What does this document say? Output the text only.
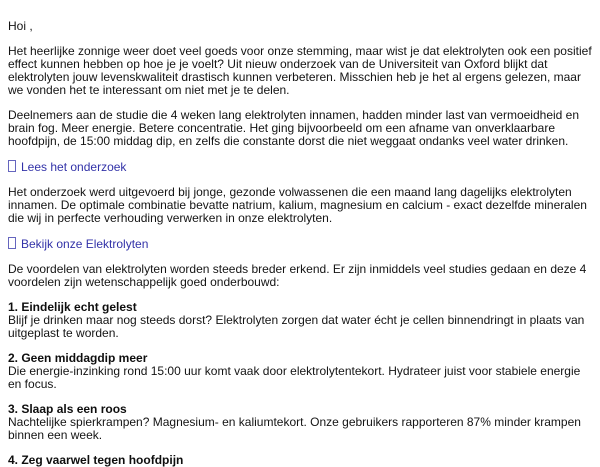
Hoi ,

Het heerlijke zonnige weer doet veel goeds voor onze stemming, maar wist je dat elektrolyten ook een positief effect kunnen hebben op hoe je je voelt? Uit nieuw onderzoek van de Universiteit van Oxford blijkt dat elektrolyten jouw levenskwaliteit drastisch kunnen verbeteren. Misschien heb je het al ergens gelezen, maar we vonden het te interessant om niet met je te delen.

Deelnemers aan de studie die 4 weken lang elektrolyten innamen, hadden minder last van vermoeidheid en brain fog. Meer energie. Betere concentratie. Het ging bijvoorbeeld om een afname van onverklaarbare hoofdpijn, de 15:00 middag dip, en zelfs die constante dorst die niet weggaat ondanks veel water drinken.

Lees het onderzoek

Het onderzoek werd uitgevoerd bij jonge, gezonde volwassenen die een maand lang dagelijks elektrolyten innamen. De optimale combinatie bevatte natrium, kalium, magnesium en calcium - exact dezelfde mineralen die wij in perfecte verhouding verwerken in onze elektrolyten.

Bekijk onze Elektrolyten

De voordelen van elektrolyten worden steeds breder erkend. Er zijn inmiddels veel studies gedaan en deze 4 voordelen zijn wetenschappelijk goed onderbouwd:

1. Eindelijk echt gelest
Blijf je drinken maar nog steeds dorst? Elektrolyten zorgen dat water écht je cellen binnendringt in plaats van uitgeplast te worden.
2. Geen middagdip meer
Die energie-inzinking rond 15:00 uur komt vaak door elektrolytentekort. Hydrateer juist voor stabiele energie en focus.
3. Slaap als een roos
Nachtelijke spierkrampen? Magnesium- en kaliumtekort. Onze gebruikers rapporteren 87% minder krampen binnen een week.
4. Zeg vaarwel tegen hoofdpijn
